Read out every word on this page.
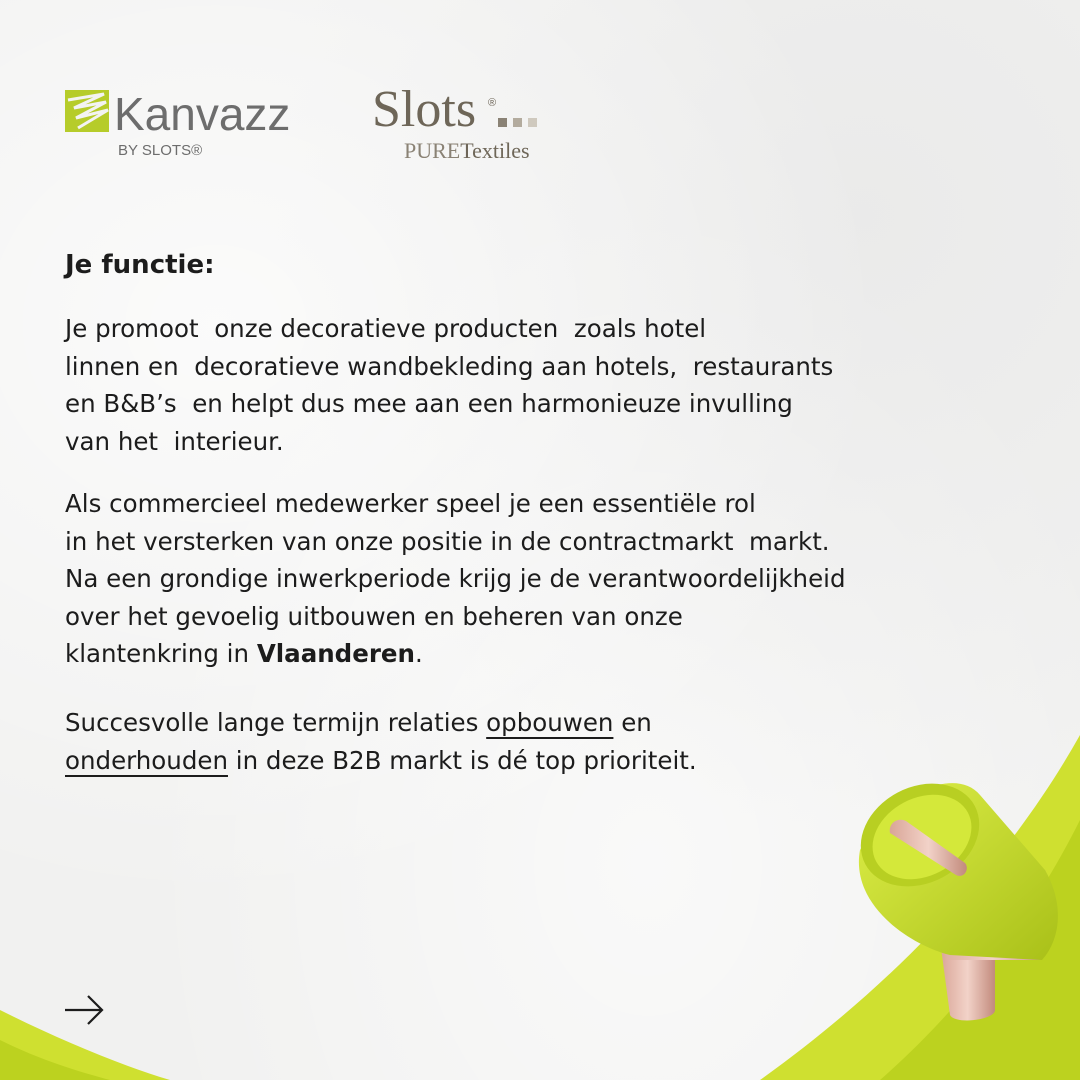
Kanvazz
BY SLOTS®
Slots ®
PURETextiles
Je functie:
Je promoot  onze decoratieve producten  zoals hotel
linnen en  decoratieve wandbekleding aan hotels,  restaurants
en B&B’s  en helpt dus mee aan een harmonieuze invulling
van het  interieur.
Als commercieel medewerker speel je een essentiële rol
in het versterken van onze positie in de contractmarkt  markt.
Na een grondige inwerkperiode krijg je de verantwoordelijkheid
over het gevoelig uitbouwen en beheren van onze
klantenkring in Vlaanderen.
Succesvolle lange termijn relaties opbouwen en
onderhouden in deze B2B markt is dé top prioriteit.
